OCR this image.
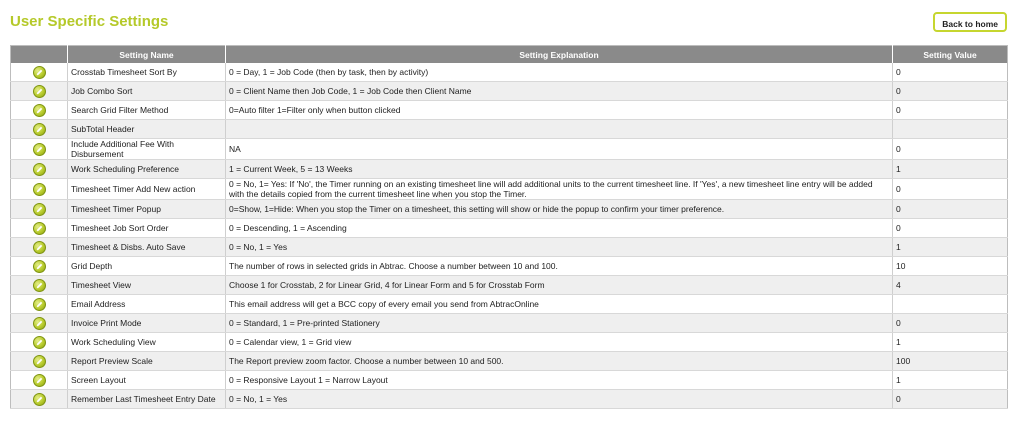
User Specific Settings	Back to home
	Setting Name	Setting Explanation	Setting Value

	Crosstab Timesheet Sort By	0 = Day, 1 = Job Code (then by task, then by activity)	0

	Job Combo Sort	0 = Client Name then Job Code, 1 = Job Code then Client Name	0

	Search Grid Filter Method	0=Auto filter 1=Filter only when button clicked	0

	SubTotal Header		

	Include Additional Fee With Disbursement	NA	0

	Work Scheduling Preference	1 = Current Week, 5 = 13 Weeks	1

	Timesheet Timer Add New action	0 = No, 1= Yes: If 'No', the Timer running on an existing timesheet line will add additional units to the current timesheet line. If 'Yes', a new timesheet line entry will be added with the details copied from the current timesheet line when you stop the Timer.	0

	Timesheet Timer Popup	0=Show, 1=Hide: When you stop the Timer on a timesheet, this setting will show or hide the popup to confirm your timer preference.	0

	Timesheet Job Sort Order	0 = Descending, 1 = Ascending	0

	Timesheet & Disbs. Auto Save	0 = No, 1 = Yes	1

	Grid Depth	The number of rows in selected grids in Abtrac. Choose a number between 10 and 100.	10

	Timesheet View	Choose 1 for Crosstab, 2 for Linear Grid, 4 for Linear Form and 5 for Crosstab Form	4

	Email Address	This email address will get a BCC copy of every email you send from AbtracOnline	

	Invoice Print Mode	0 = Standard, 1 = Pre-printed Stationery	0

	Work Scheduling View	0 = Calendar view, 1 = Grid view	1

	Report Preview Scale	The Report preview zoom factor. Choose a number between 10 and 500.	100

	Screen Layout	0 = Responsive Layout 1 = Narrow Layout	1

	Remember Last Timesheet Entry Date	0 = No, 1 = Yes	0
